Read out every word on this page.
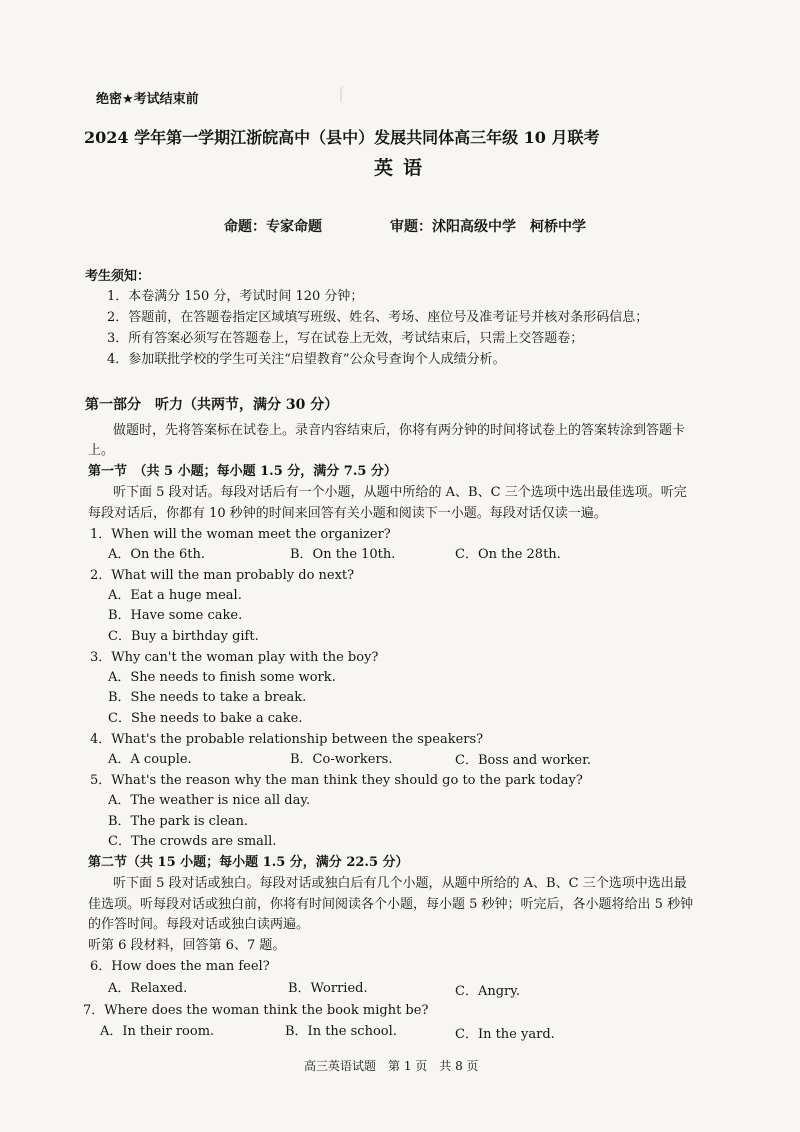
绝密★考试结束前
2024 学年第一学期江浙皖高中（县中）发展共同体高三年级 10 月联考
英语
命题：专家命题	审题：沭阳高级中学　柯桥中学
考生须知：
1．本卷满分 150 分，考试时间 120 分钟；
2．答题前，在答题卷指定区域填写班级、姓名、考场、座位号及准考证号并核对条形码信息；
3．所有答案必须写在答题卷上，写在试卷上无效，考试结束后，只需上交答题卷；
4．参加联批学校的学生可关注“启望教育”公众号查询个人成绩分析。
第一部分　听力（共两节，满分 30 分）
做题时，先将答案标在试卷上。录音内容结束后，你将有两分钟的时间将试卷上的答案转涂到答题卡
上。
第一节　（共 5 小题；每小题 1.5 分，满分 7.5 分）
听下面 5 段对话。每段对话后有一个小题，从题中所给的 A、B、C 三个选项中选出最佳选项。听完
每段对话后，你都有 10 秒钟的时间来回答有关小题和阅读下一小题。每段对话仅读一遍。
1．When will the woman meet the organizer?
A．On the 6th.	B．On the 10th.	C．On the 28th.
2．What will the man probably do next?
A．Eat a huge meal.
B．Have some cake.
C．Buy a birthday gift.
3．Why can't the woman play with the boy?
A．She needs to finish some work.
B．She needs to take a break.
C．She needs to bake a cake.
4．What's the probable relationship between the speakers?
A．A couple.	B．Co-workers.	C．Boss and worker.
5．What's the reason why the man think they should go to the park today?
A．The weather is nice all day.
B．The park is clean.
C．The crowds are small.
第二节（共 15 小题；每小题 1.5 分，满分 22.5 分）
听下面 5 段对话或独白。每段对话或独白后有几个小题，从题中所给的 A、B、C 三个选项中选出最
佳选项。听每段对话或独白前，你将有时间阅读各个小题，每小题 5 秒钟；听完后，各小题将给出 5 秒钟
的作答时间。每段对话或独白读两遍。
听第 6 段材料，回答第 6、7 题。
6．How does the man feel?
A．Relaxed.	B．Worried.	C．Angry.
7．Where does the woman think the book might be?
A．In their room.	B．In the school.	C．In the yard.
高三英语试题　第 1 页　共 8 页
